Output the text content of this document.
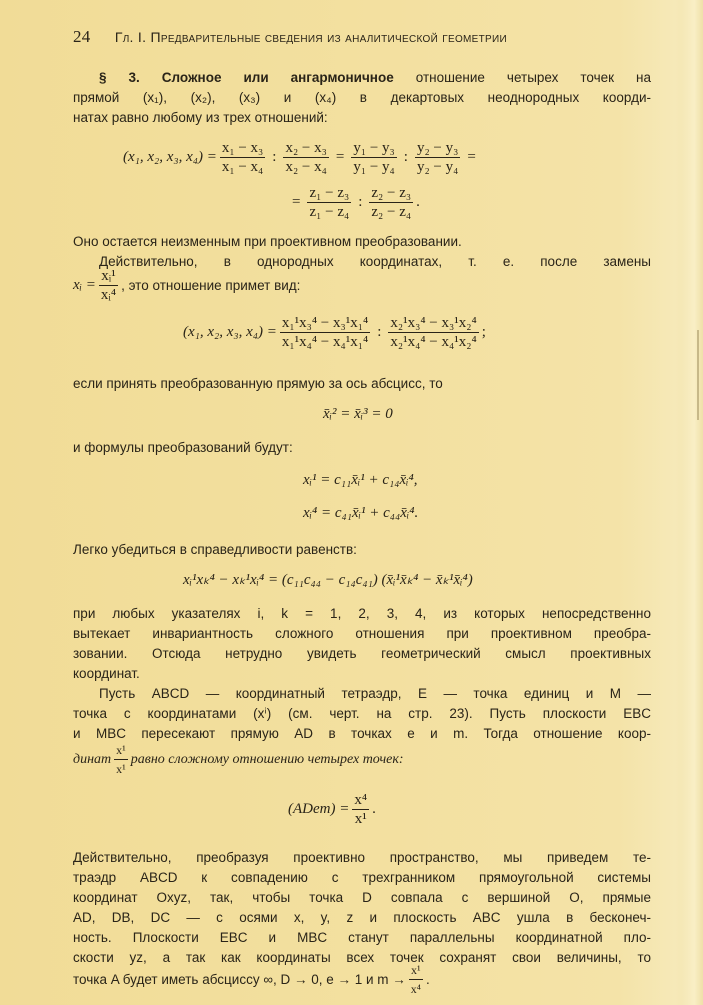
24 Гл. I. Предварительные сведения из аналитической геометрии
§ 3. Сложное или ангармоничное отношение четырех точек на
прямой (x₁), (x₂), (x₃) и (x₄) в декартовых неоднородных коорди-
натах равно любому из трех отношений:
(x₁, x₂, x₃, $x_4) = \frac{\text{x₁ − x₃}}{\text{x₁ − x₄}}$ : $\frac{\text{x₂ − x₃}}{\text{x₂ − x₄}} = \frac{\text{y₁ − y₃}}{\text{y₁ − y₄}}$ : $\frac{\text{y₂ − y₃}}{\text{y₂ − y₄}}$ =
= $\frac{\text{z₁ − z₃}}{\text{z₁ − z₄}}$ : $\frac{\text{z₂ − z₃}}{\text{z₂ − z₄}}$ .
Оно остается неизменным при проективном преобразовании.
Действительно, в однородных координатах, т. е. после замены
xᵢ = $\frac{\text{xᵢ¹}}{\text{xᵢ⁴}}$ , это отношение примет вид:
(x₁, x₂, x₃, $x_4) = \frac{\text{x₁¹x₃⁴ − x₃¹x₁⁴}}{\text{x₁¹x₄⁴ − x₄¹x₁⁴}}$ : $\frac{\text{x₂¹x₃⁴ − x₃¹x₂⁴}}{\text{x₂¹x₄⁴ − x₄¹x₂⁴}}$ ;
если принять преобразованную прямую за ось абсцисс, то
x̄ᵢ² = x̄ᵢ³ = 0
и формулы преобразований будут:
xᵢ¹ = c₁₁x̄ᵢ¹ + c₁₄x̄ᵢ⁴,
xᵢ⁴ = c₄₁x̄ᵢ¹ + c₄₄x̄ᵢ⁴.
Легко убедиться в справедливости равенств:
xᵢ¹xₖ⁴ − xₖ¹xᵢ⁴ = (c₁₁c₄₄ − c₁₄c₄₁) (x̄ᵢ¹x̄ₖ⁴ − x̄ₖ¹x̄ᵢ⁴)
при любых указателях i, k = 1, 2, 3, 4, из которых непосредственно
вытекает инвариантность сложного отношения при проективном преобра-
зовании. Отсюда нетрудно увидеть геометрический смысл проективных
координат.
Пусть ABCD — координатный тетраэдр, E — точка единиц и M —
точка с координатами (xⁱ) (см. черт. на стр. 23). Пусть плоскости EBC
и MBC пересекают прямую AD в точках e и m. Тогда отношение коор-
динат $\frac{\text{x¹}}{\text{x¹}}$ равно сложному отношению четырех точек:
(ADem) = $\frac{\text{x⁴}}{\text{x¹}}$ .
Действительно, преобразуя проективно пространство, мы приведем те-
траэдр ABCD к совпадению с трехгранником прямоугольной системы
координат Oxyz, так, чтобы точка D совпала с вершиной O, прямые
AD, DB, DC — с осями x, y, z и плоскость ABC ушла в бесконеч-
ность. Плоскости EBC и MBC станут параллельны координатной пло-
скости yz, а так как координаты всех точек сохранят свои величины, то
точка A будет иметь абсциссу ∞, D → 0, e → 1 и $m \to \frac{\text{x¹}}{\text{x⁴}}$ .
